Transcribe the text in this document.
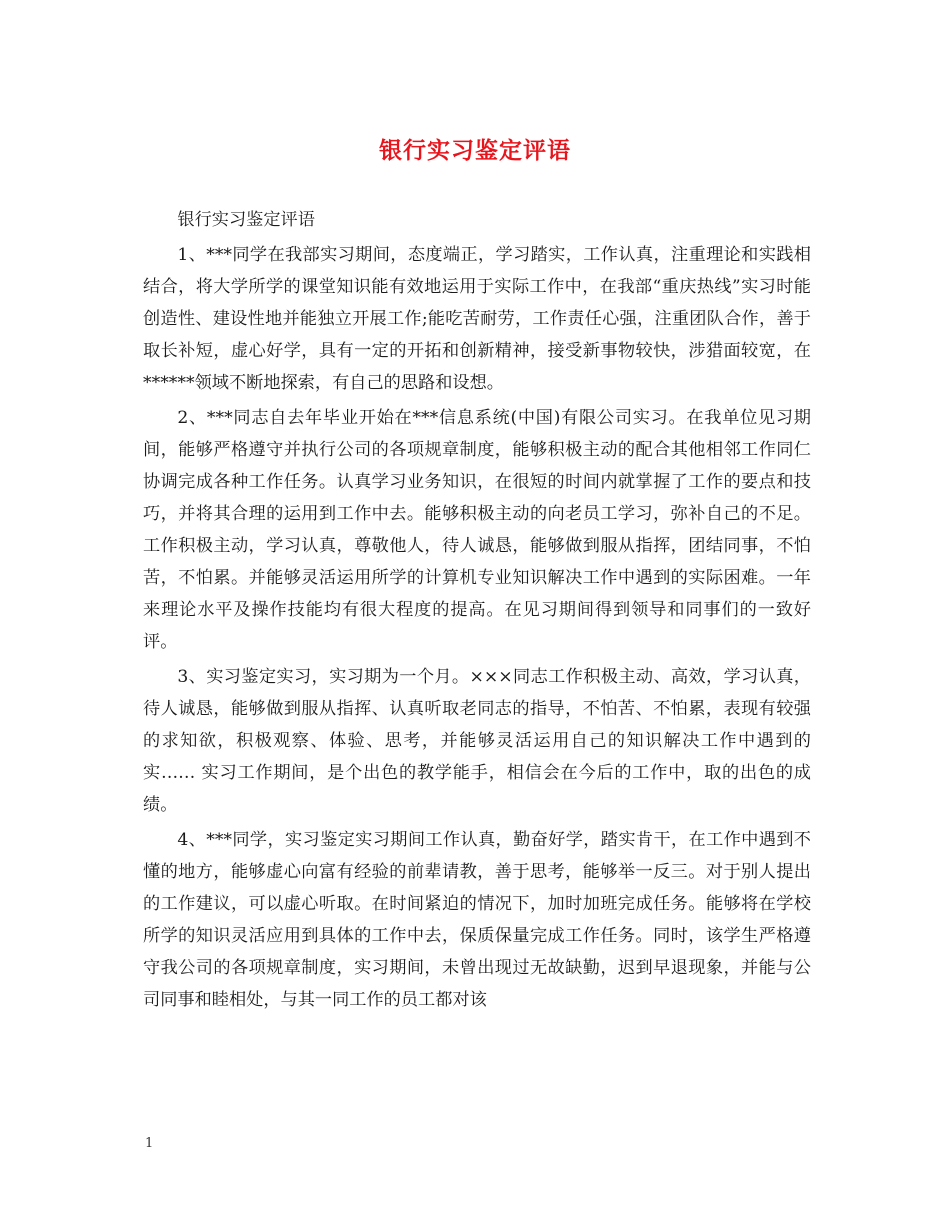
银行实习鉴定评语

银行实习鉴定评语

1、***同学在我部实习期间，态度端正，学习踏实，工作认真，注重理论和实践相结合，将大学所学的课堂知识能有效地运用于实际工作中，在我部“重庆热线”实习时能创造性、建设性地并能独立开展工作;能吃苦耐劳，工作责任心强，注重团队合作，善于取长补短，虚心好学，具有一定的开拓和创新精神，接受新事物较快，涉猎面较宽，在******领域不断地探索，有自己的思路和设想。

2、***同志自去年毕业开始在***信息系统(中国)有限公司实习。在我单位见习期间，能够严格遵守并执行公司的各项规章制度，能够积极主动的配合其他相邻工作同仁协调完成各种工作任务。认真学习业务知识，在很短的时间内就掌握了工作的要点和技巧，并将其合理的运用到工作中去。能够积极主动的向老员工学习，弥补自己的不足。工作积极主动，学习认真，尊敬他人，待人诚恳，能够做到服从指挥，团结同事，不怕苦，不怕累。并能够灵活运用所学的计算机专业知识解决工作中遇到的实际困难。一年来理论水平及操作技能均有很大程度的提高。在见习期间得到领导和同事们的一致好评。

3、实习鉴定实习，实习期为一个月。×××同志工作积极主动、高效，学习认真，待人诚恳，能够做到服从指挥、认真听取老同志的指导，不怕苦、不怕累，表现有较强的求知欲，积极观察、体验、思考，并能够灵活运用自己的知识解决工作中遇到的实…… 实习工作期间，是个出色的教学能手，相信会在今后的工作中，取的出色的成绩。

4、***同学，实习鉴定实习期间工作认真，勤奋好学，踏实肯干，在工作中遇到不懂的地方，能够虚心向富有经验的前辈请教，善于思考，能够举一反三。对于别人提出的工作建议，可以虚心听取。在时间紧迫的情况下，加时加班完成任务。能够将在学校所学的知识灵活应用到具体的工作中去，保质保量完成工作任务。同时，该学生严格遵守我公司的各项规章制度，实习期间，未曾出现过无故缺勤，迟到早退现象，并能与公司同事和睦相处，与其一同工作的员工都对该

1
